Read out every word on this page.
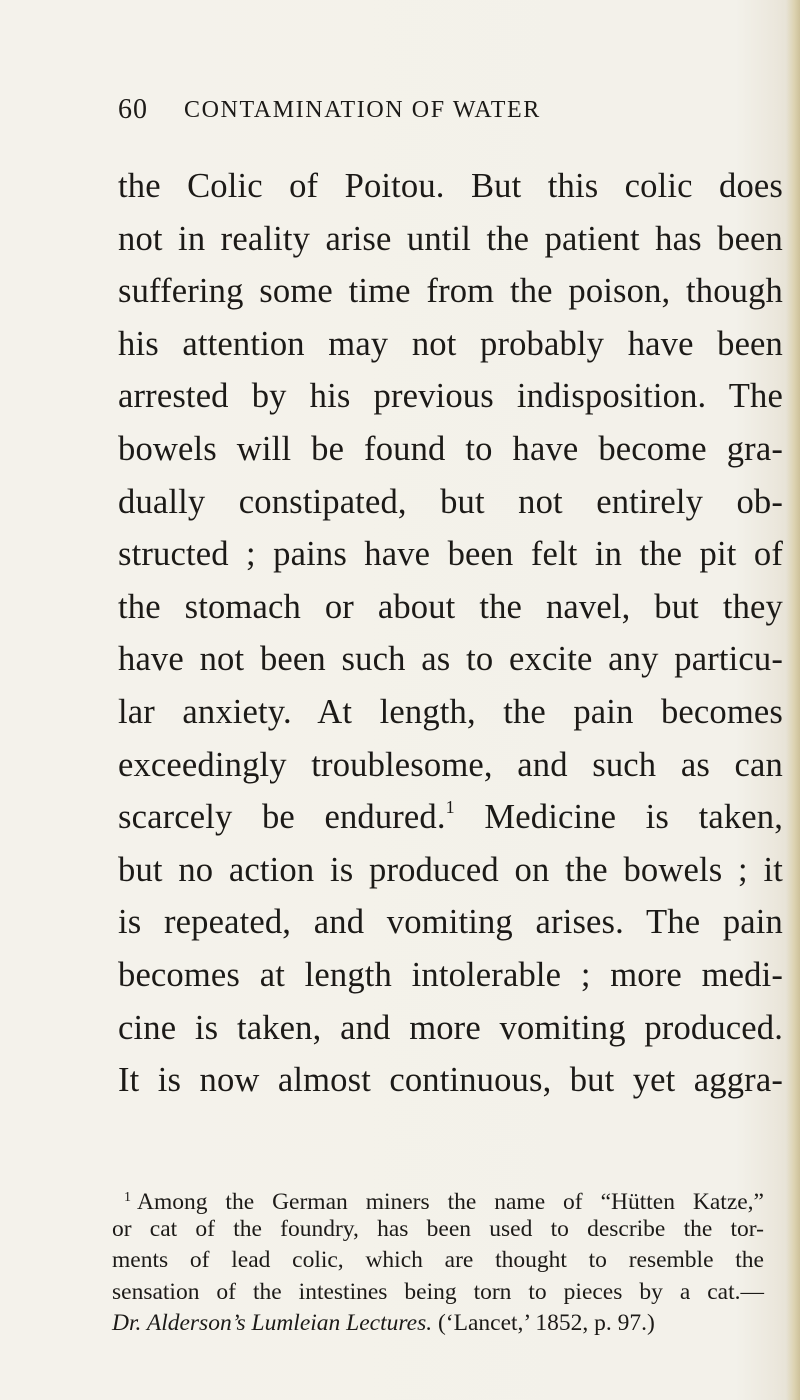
60 CONTAMINATION OF WATER
the Colic of Poitou. But this colic does
not in reality arise until the patient has been
suffering some time from the poison, though
his attention may not probably have been
arrested by his previous indisposition. The
bowels will be found to have become gra-
dually constipated, but not entirely ob-
structed ; pains have been felt in the pit of
the stomach or about the navel, but they
have not been such as to excite any particu-
lar anxiety. At length, the pain becomes
exceedingly troublesome, and such as can
scarcely be endured.$^1$ Medicine is taken,
but no action is produced on the bowels ; it
is repeated, and vomiting arises. The pain
becomes at length intolerable ; more medi-
cine is taken, and more vomiting produced.
It is now almost continuous, but yet aggra-
$^1$ Among the German miners the name of “Hütten Katze,”
or cat of the foundry, has been used to describe the tor-
ments of lead colic, which are thought to resemble the
sensation of the intestines being torn to pieces by a cat.—
Dr. Alderson’s Lumleian Lectures. (‘Lancet,’ 1852, p. 97.)
